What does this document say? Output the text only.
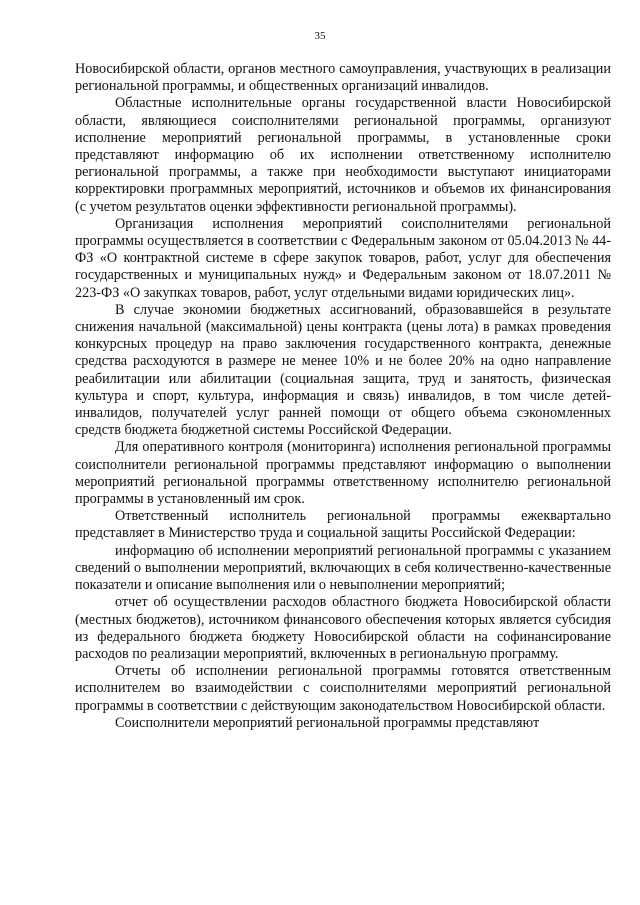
35

Новосибирской области, органов местного самоуправления, участвующих в реализации региональной программы, и общественных организаций инвалидов.

Областные исполнительные органы государственной власти Новосибирской области, являющиеся соисполнителями региональной программы, организуют исполнение мероприятий региональной программы, в установленные сроки представляют информацию об их исполнении ответственному исполнителю региональной программы, а также при необходимости выступают инициаторами корректировки программных мероприятий, источников и объемов их финансирования (с учетом результатов оценки эффективности региональной программы).

Организация исполнения мероприятий соисполнителями региональной программы осуществляется в соответствии с Федеральным законом от 05.04.2013 № 44-ФЗ «О контрактной системе в сфере закупок товаров, работ, услуг для обеспечения государственных и муниципальных нужд» и Федеральным законом от 18.07.2011 № 223-ФЗ «О закупках товаров, работ, услуг отдельными видами юридических лиц».

В случае экономии бюджетных ассигнований, образовавшейся в результате снижения начальной (максимальной) цены контракта (цены лота) в рамках проведения конкурсных процедур на право заключения государственного контракта, денежные средства расходуются в размере не менее 10% и не более 20% на одно направление реабилитации или абилитации (социальная защита, труд и занятость, физическая культура и спорт, культура, информация и связь) инвалидов, в том числе детей-инвалидов, получателей услуг ранней помощи от общего объема сэкономленных средств бюджета бюджетной системы Российской Федерации.

Для оперативного контроля (мониторинга) исполнения региональной программы соисполнители региональной программы представляют информацию о выполнении мероприятий региональной программы ответственному исполнителю региональной программы в установленный им срок.

Ответственный исполнитель региональной программы ежеквартально представляет в Министерство труда и социальной защиты Российской Федерации:

информацию об исполнении мероприятий региональной программы с указанием сведений о выполнении мероприятий, включающих в себя количественно-качественные показатели и описание выполнения или о невыполнении мероприятий;

отчет об осуществлении расходов областного бюджета Новосибирской области (местных бюджетов), источником финансового обеспечения которых является субсидия из федерального бюджета бюджету Новосибирской области на софинансирование расходов по реализации мероприятий, включенных в региональную программу.

Отчеты об исполнении региональной программы готовятся ответственным исполнителем во взаимодействии с соисполнителями мероприятий региональной программы в соответствии с действующим законодательством Новосибирской области.

Соисполнители мероприятий региональной программы представляют
